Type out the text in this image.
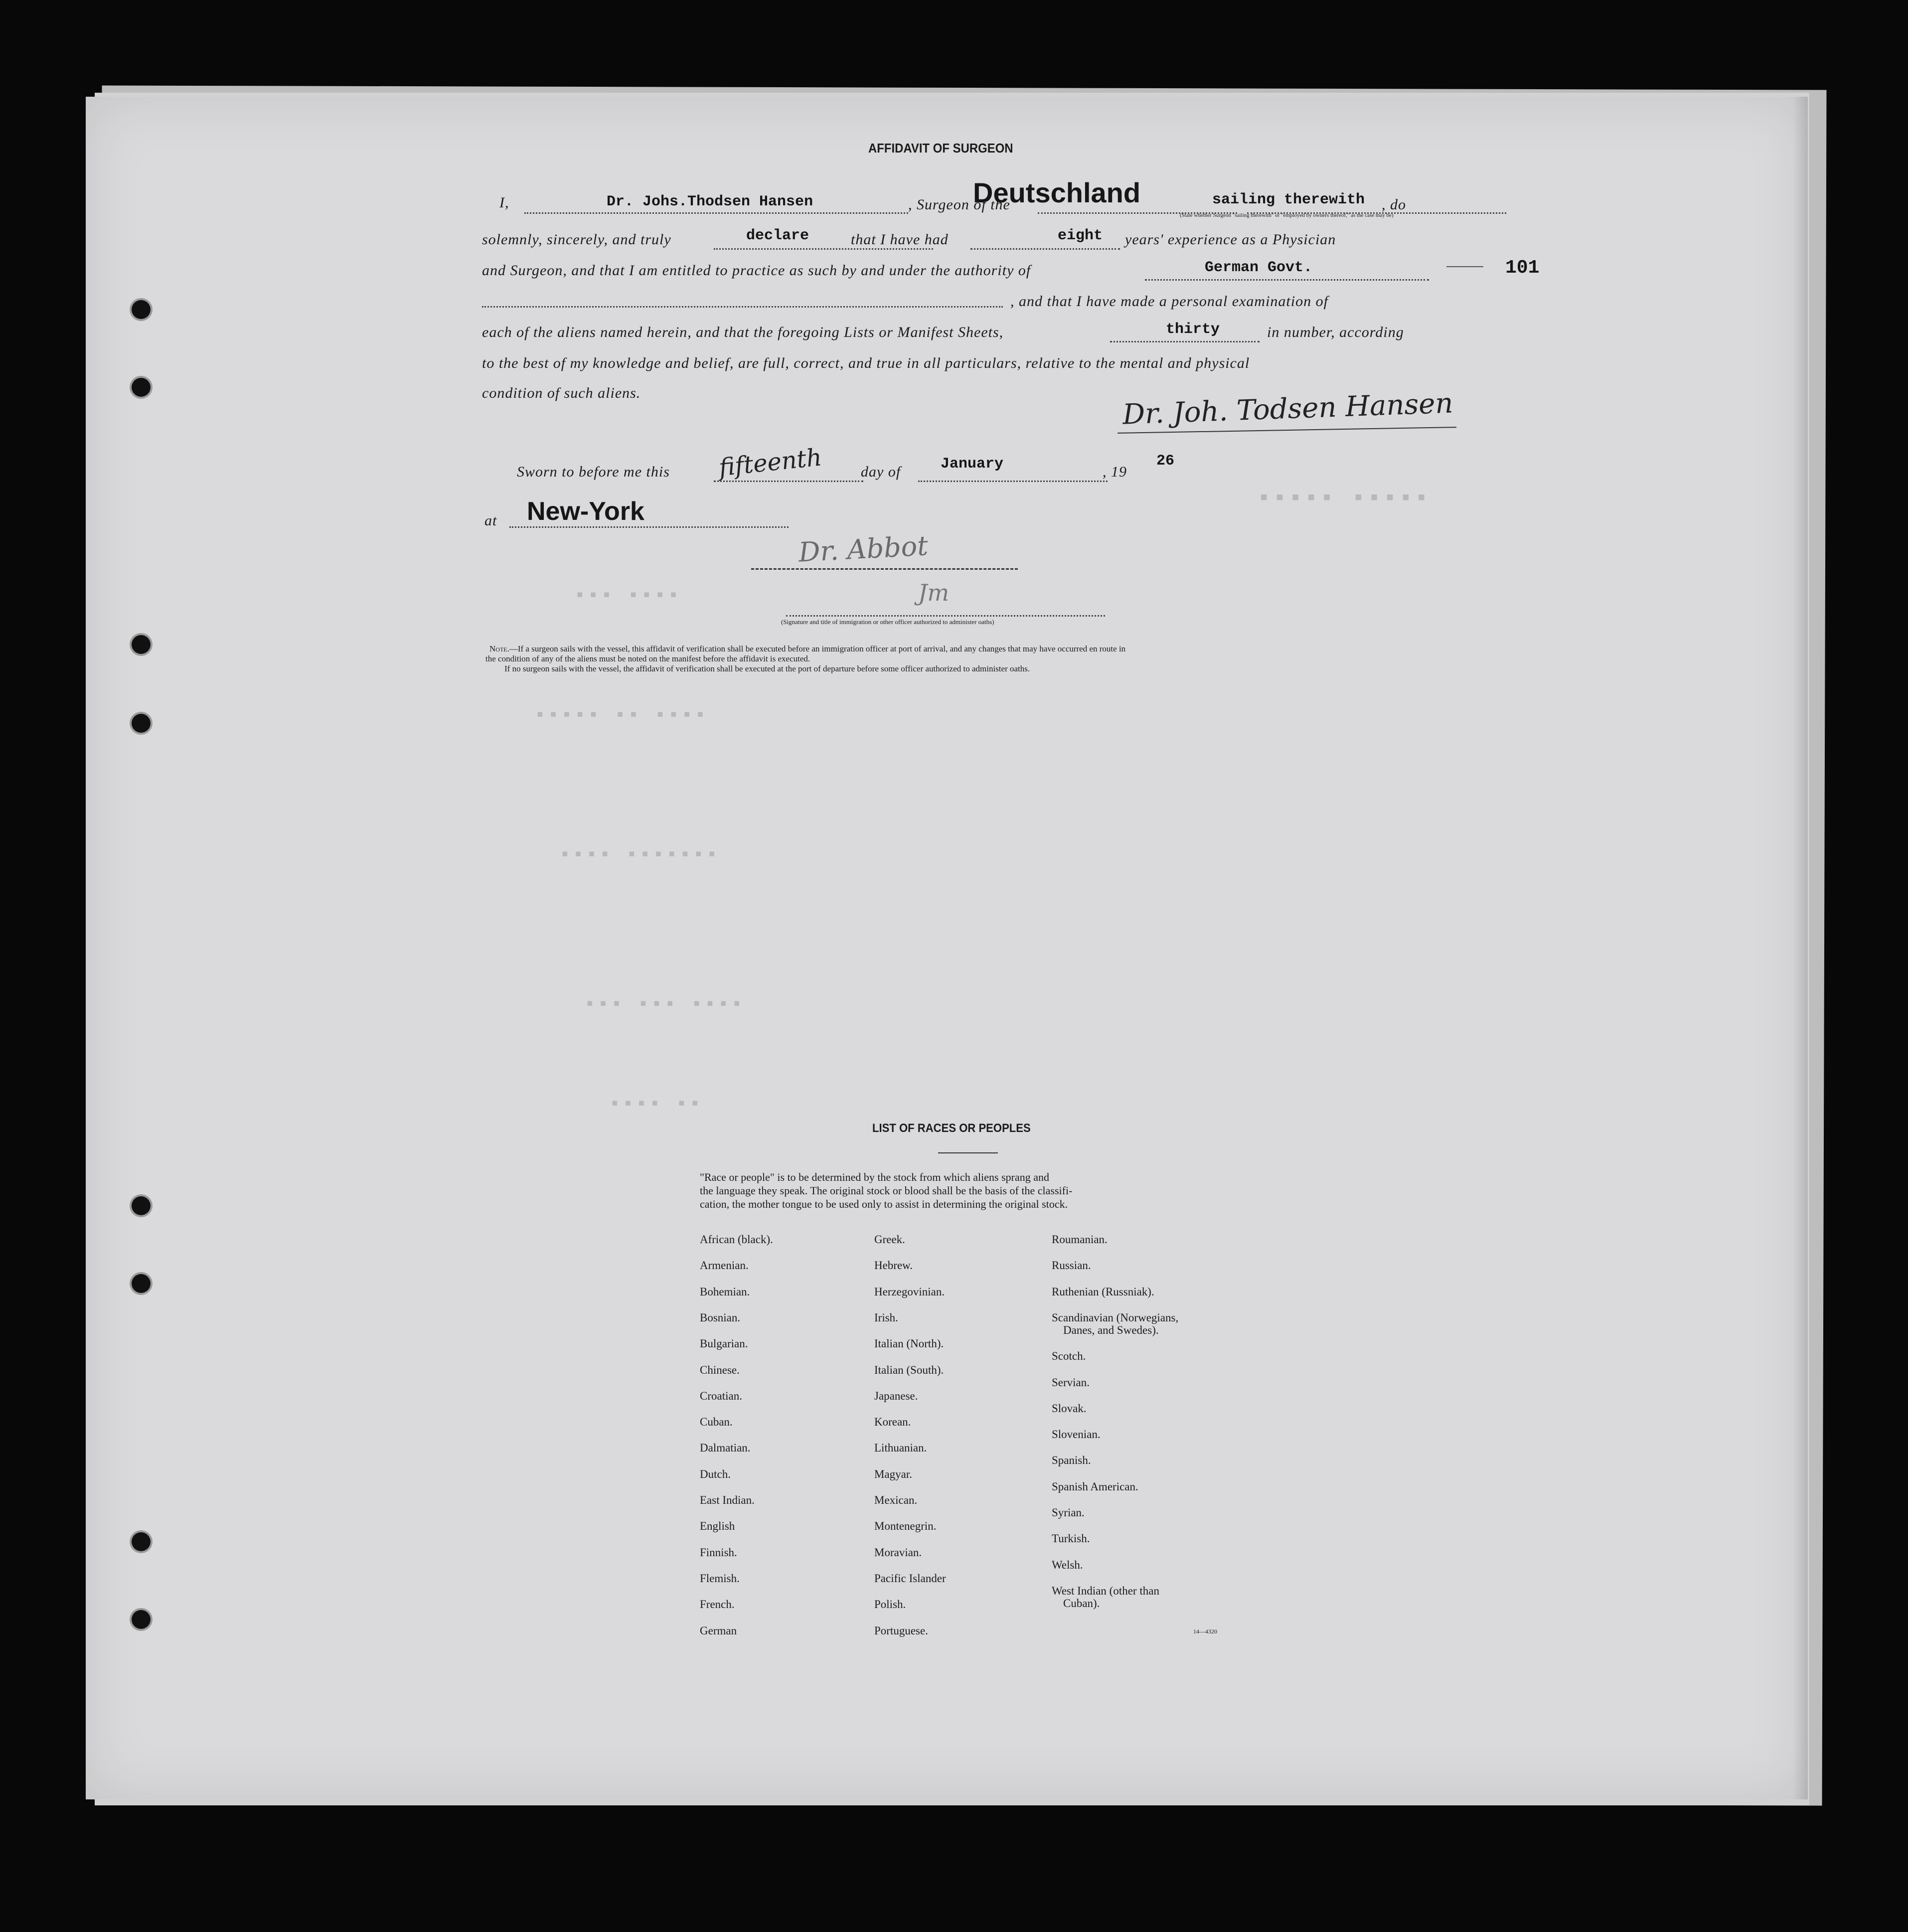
▪▪▪ ▪▪▪▪
▪▪▪▪▪ ▪▪ ▪▪▪▪
▪▪▪▪ ▪▪▪▪▪▪▪
▪▪▪ ▪▪▪ ▪▪▪▪
▪▪▪▪ ▪▪
▪▪▪▪▪ ▪▪▪▪▪
AFFIDAVIT OF SURGEON
I,	Dr. Johs.Thodsen Hansen	, Surgeon of the
Deutschland	sailing therewith , do
(State whether Surgeon "sailing therewith" or "employed by owners thereof," as the case may be)
solemnly, sincerely, and truly	declare	that I have had	eight years' experience as a Physician
and Surgeon, and that I am entitled to practice as such by and under the authority of	German Govt.	101
, and that I have made a personal examination of
each of the aliens named herein, and that the foregoing Lists or Manifest Sheets,	thirty	in number, according
to the best of my knowledge and belief, are full, correct, and true in all particulars, relative to the mental and physical
condition of such aliens.	Dr. Joh. Todsen Hansen
Sworn to before me this fifteenth	day of	January	, 19
26
at New-York
Dr. Abbot
Jm
(Signature and title of immigration or other officer authorized to administer oaths)
Note.—If a surgeon sails with the vessel, this affidavit of verification shall be executed before an immigration officer at port of arrival, and any changes that may have occurred en route in
the condition of any of the aliens must be noted on the manifest before the affidavit is executed.
If no surgeon sails with the vessel, the affidavit of verification shall be executed at the port of departure before some officer authorized to administer oaths.
LIST OF RACES OR PEOPLES
"Race or people" is to be determined by the stock from which aliens sprang and
the language they speak. The original stock or blood shall be the basis of the classifi-
cation, the mother tongue to be used only to assist in determining the original stock.
African (black).
Armenian.
Bohemian.
Bosnian.
Bulgarian.
Chinese.
Croatian.
Cuban.
Dalmatian.
Dutch.
East Indian.
English
Finnish.
Flemish.
French.
German
Greek.
Hebrew.
Herzegovinian.
Irish.
Italian (North).
Italian (South).
Japanese.
Korean.
Lithuanian.
Magyar.
Mexican.
Montenegrin.
Moravian.
Pacific Islander
Polish.
Portuguese.
Roumanian.
Russian.
Ruthenian (Russniak).
Scandinavian (Norwegians,
Danes, and Swedes).
Scotch.
Servian.
Slovak.
Slovenian.
Spanish.
Spanish American.
Syrian.
Turkish.
Welsh.
West Indian (other than
Cuban).
14—4320
